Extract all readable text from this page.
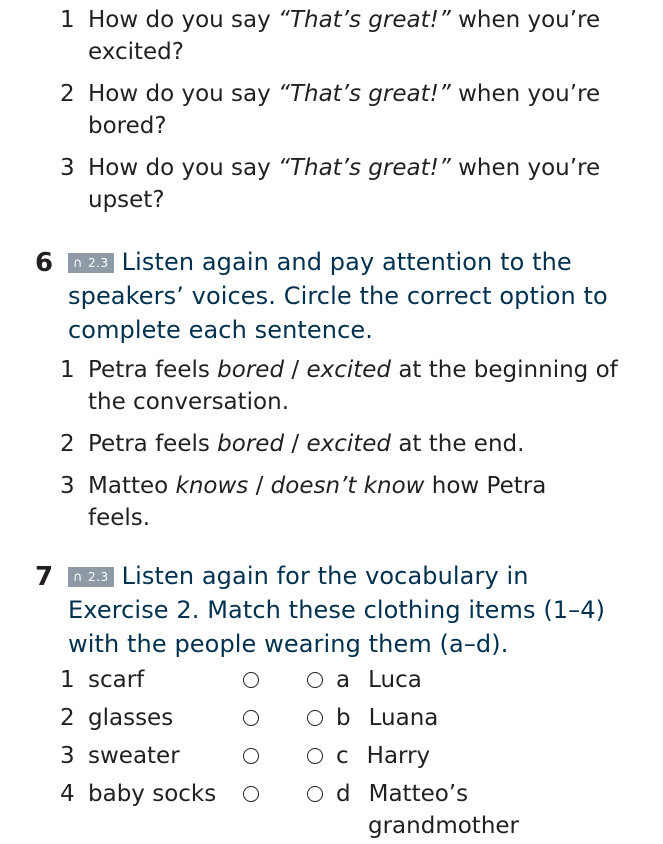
1 How do you say “That’s great!” when you’re
excited?
2 How do you say “That’s great!” when you’re
bored?
3 How do you say “That’s great!” when you’re
upset?
6	∩ 2.3 Listen again and pay attention to the
speakers’ voices. Circle the correct option to
complete each sentence.
1 Petra feels bored / excited at the beginning of
the conversation.
2 Petra feels bored / excited at the end.
3 Matteo knows / doesn’t know how Petra
feels.
7	∩ 2.3 Listen again for the vocabulary in
Exercise 2. Match these clothing items (1–4)
with the people wearing them (a–d).
1 scarf	a Luca
2 glasses	b Luana
3 sweater	c Harry
4 baby socks	d Matteo’s
grandmother
